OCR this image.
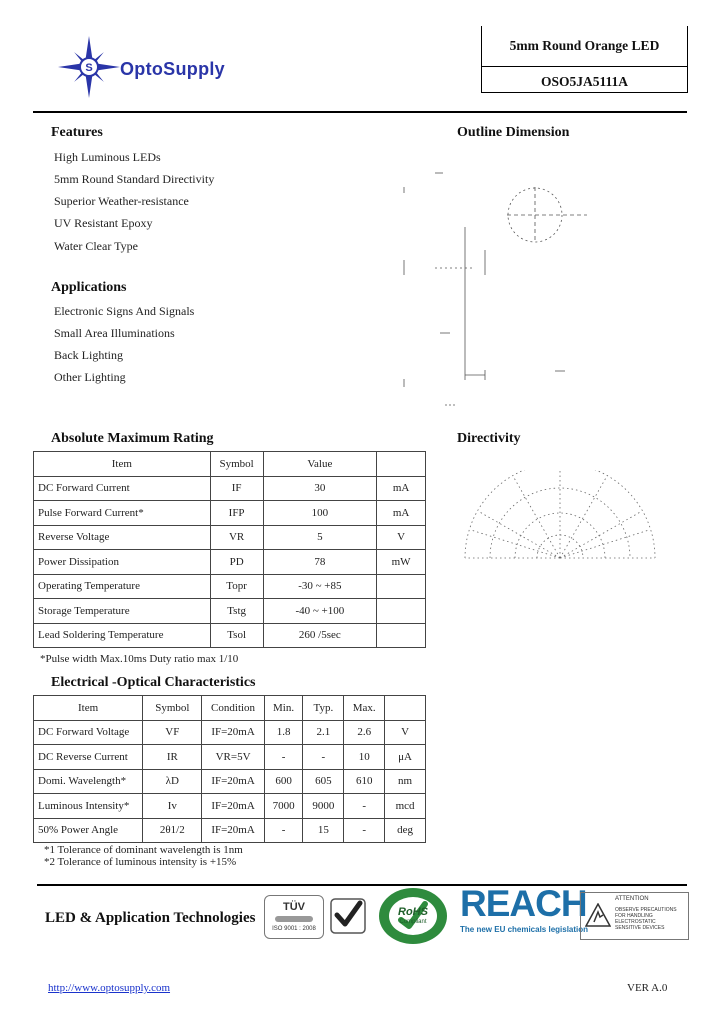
S OptoSupply
5mm Round Orange LED
OSO5JA5111A
Features
High Luminous LEDs
5mm Round Standard Directivity
Superior Weather-resistance
UV Resistant Epoxy
Water Clear Type
Applications
Electronic Signs And Signals
Small Area Illuminations
Back Lighting
Other Lighting
Outline Dimension
Directivity
Absolute Maximum Rating
Item	Symbol	Value	
DC Forward Current	IF	30	mA
Pulse Forward Current*	IFP	100	mA
Reverse Voltage	VR	5	V
Power Dissipation	PD	78	mW
Operating Temperature	Topr	-30 ~ +85	
Storage Temperature	Tstg	-40 ~ +100	
Lead Soldering Temperature	Tsol	260 /5sec	
*Pulse width Max.10ms Duty ratio max 1/10
Electrical -Optical Characteristics
Item	Symbol	Condition	Min.	Typ.	Max.	
DC Forward Voltage	VF	IF=20mA	1.8	2.1	2.6	V
DC Reverse Current	IR	VR=5V	-	-	10	μA
Domi. Wavelength*	λD	IF=20mA	600	605	610	nm
Luminous Intensity*	Iv	IF=20mA	7000	9000	-	mcd
50% Power Angle	2θ1/2	IF=20mA	-	15	-	deg
*1 Tolerance of dominant wavelength is 1nm
*2 Tolerance of luminous intensity is +15%
LED & Application Technologies
TÜV
ISO 9001 : 2008
RoHS
Compliant REACH
The new EU chemicals legislation
ATTENTION
OBSERVE PRECAUTIONS
FOR HANDLING
ELECTROSTATIC
SENSITIVE DEVICES
http://www.optosupply.com	VER A.0
